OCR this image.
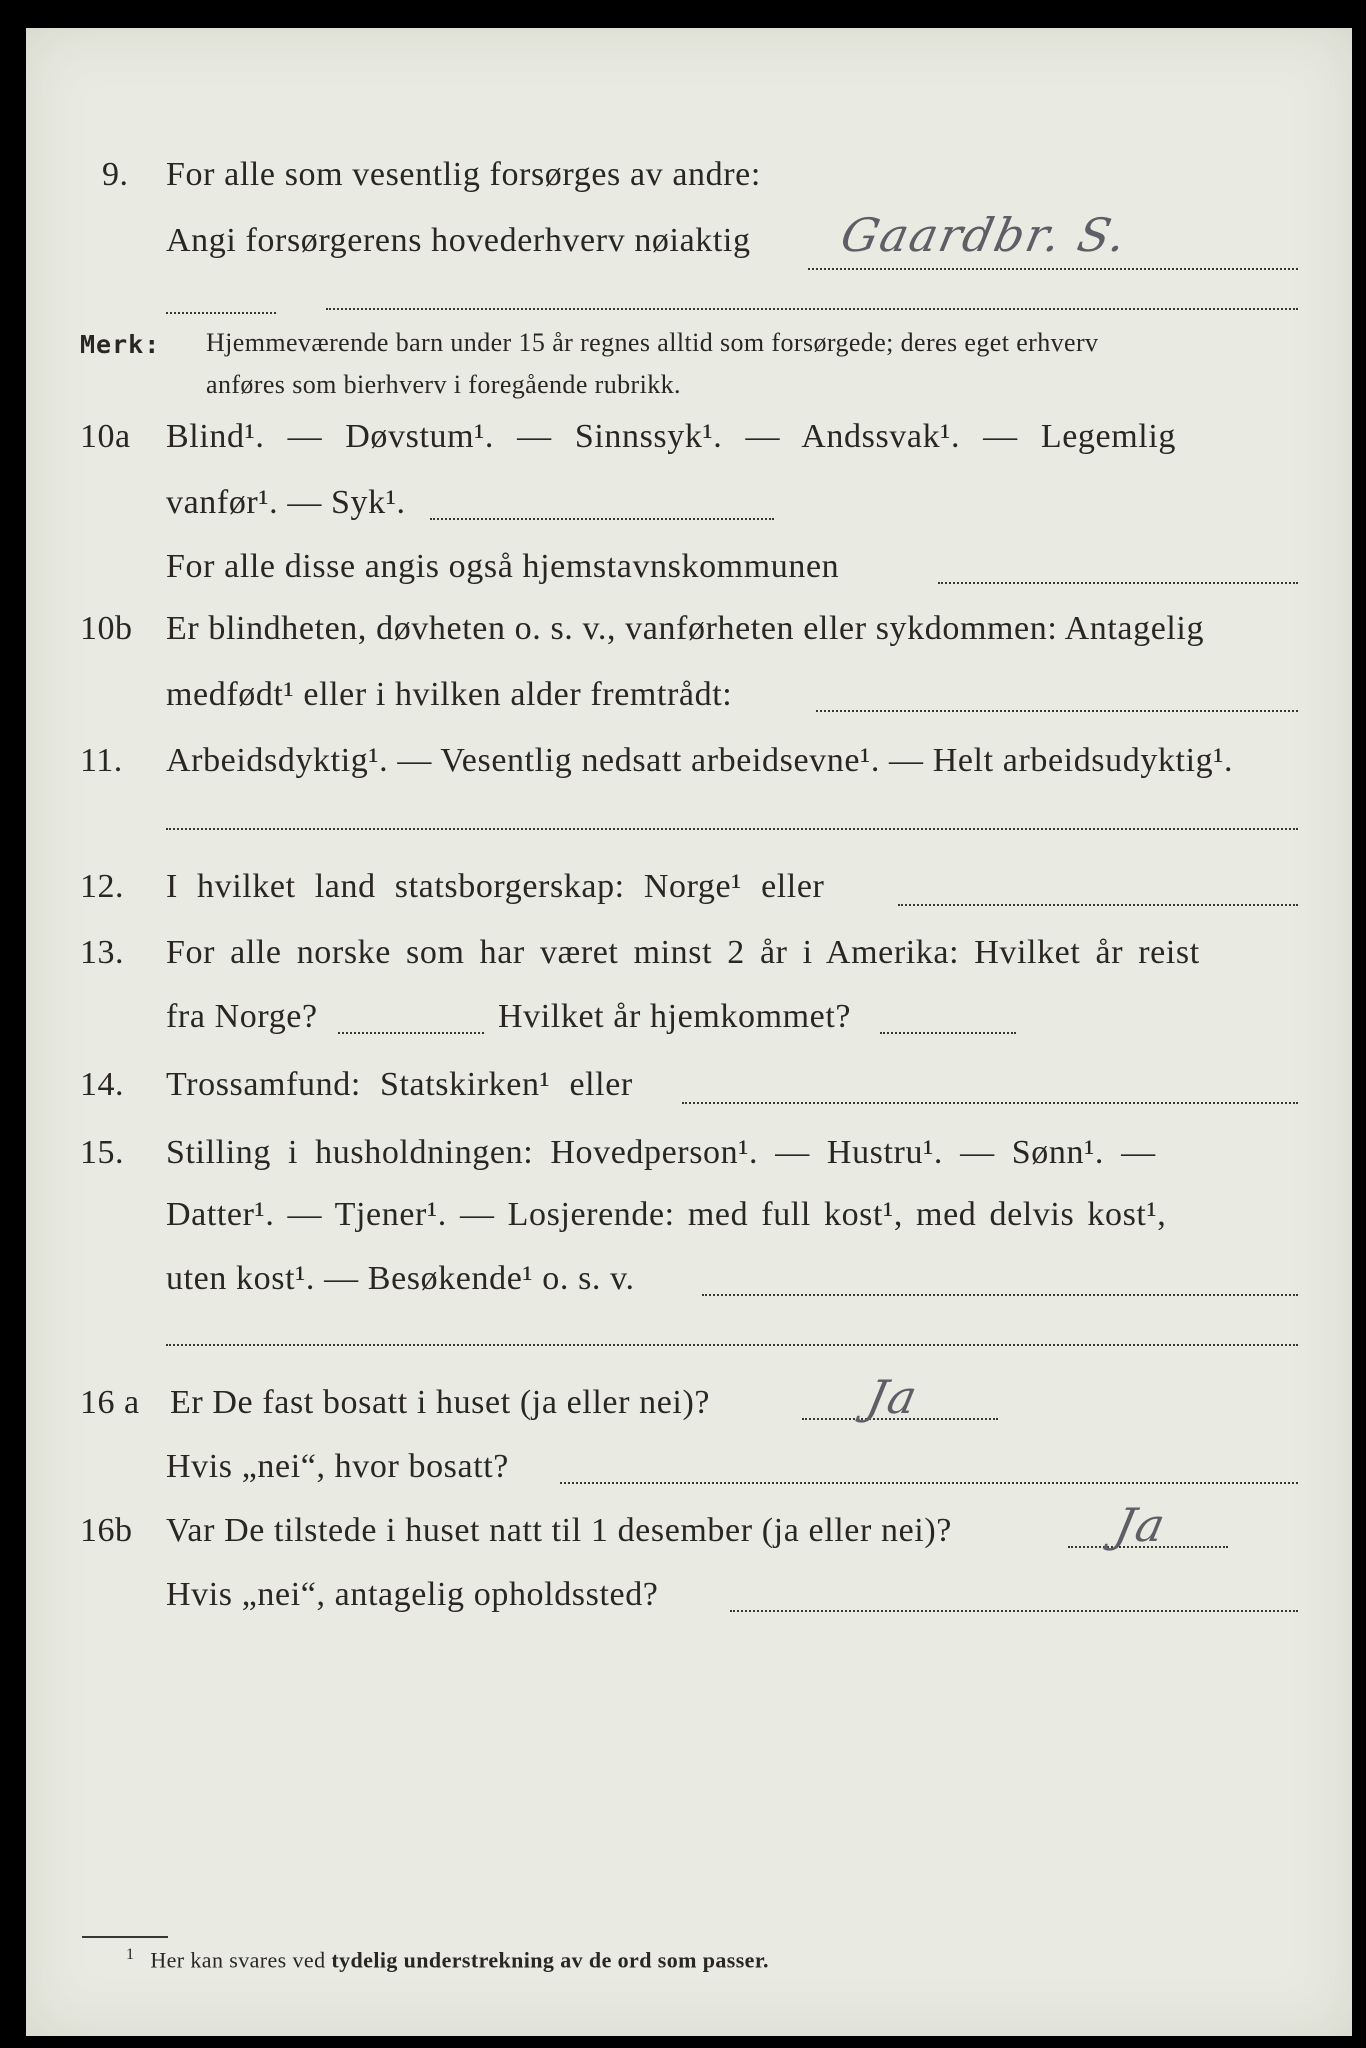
9. For alle som vesentlig forsørges av andre:
Angi forsørgerens hovederhverv nøiaktig Gaardbr. S.
Merk: Hjemmeværende barn under 15 år regnes alltid som forsørgede; deres eget erhverv
anføres som bierhverv i foregående rubrikk.
10a Blind¹. — Døvstum¹. — Sinnssyk¹. — Andssvak¹. — Legemlig
vanfør¹. — Syk¹.
For alle disse angis også hjemstavnskommunen
10b Er blindheten, døvheten o. s. v., vanførheten eller sykdommen: Antagelig
medfødt¹ eller i hvilken alder fremtrådt:
11. Arbeidsdyktig¹. — Vesentlig nedsatt arbeidsevne¹. — Helt arbeidsudyktig¹.
12. I hvilket land statsborgerskap: Norge¹ eller
13. For alle norske som har været minst 2 år i Amerika: Hvilket år reist
fra Norge?	Hvilket år hjemkommet?
14. Trossamfund: Statskirken¹ eller
15. Stilling i husholdningen: Hovedperson¹. — Hustru¹. — Sønn¹. —
Datter¹. — Tjener¹. — Losjerende: med full kost¹, med delvis kost¹,
uten kost¹. — Besøkende¹ o. s. v.
16 a Er De fast bosatt i huset (ja eller nei)?	Ja
Hvis „nei“, hvor bosatt?
16b Var De tilstede i huset natt til 1 desember (ja eller nei)?	Ja
Hvis „nei“, antagelig opholdssted?
$^1$ Her kan svares ved tydelig understrekning av de ord som passer.
